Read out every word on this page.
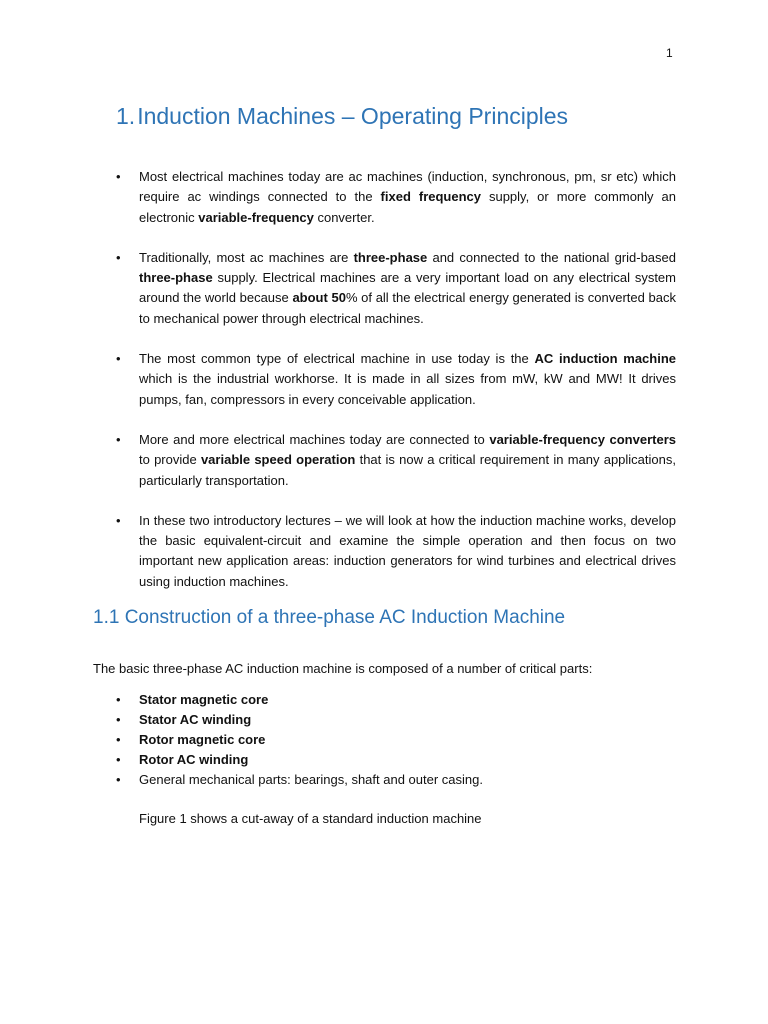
1
1.Induction Machines – Operating Principles
• Most electrical machines today are ac machines (induction, synchronous, pm, sr etc) which require ac windings connected to the fixed frequency supply, or more commonly an electronic variable-frequency converter.
• Traditionally, most ac machines are three-phase and connected to the national grid-based three-phase supply. Electrical machines are a very important load on any electrical system around the world because about 50% of all the electrical energy generated is converted back to mechanical power through electrical machines.
• The most common type of electrical machine in use today is the AC induction machine which is the industrial workhorse. It is made in all sizes from mW, kW and MW! It drives pumps, fan, compressors in every conceivable application.
• More and more electrical machines today are connected to variable-frequency converters to provide variable speed operation that is now a critical requirement in many applications, particularly transportation.
• In these two introductory lectures – we will look at how the induction machine works, develop the basic equivalent-circuit and examine the simple operation and then focus on two important new application areas: induction generators for wind turbines and electrical drives using induction machines.
1.1 Construction of a three-phase AC Induction Machine
The basic three-phase AC induction machine is composed of a number of critical parts:
• Stator magnetic core
• Stator AC winding
• Rotor magnetic core
• Rotor AC winding
• General mechanical parts: bearings, shaft and outer casing.
Figure 1 shows a cut-away of a standard induction machine
